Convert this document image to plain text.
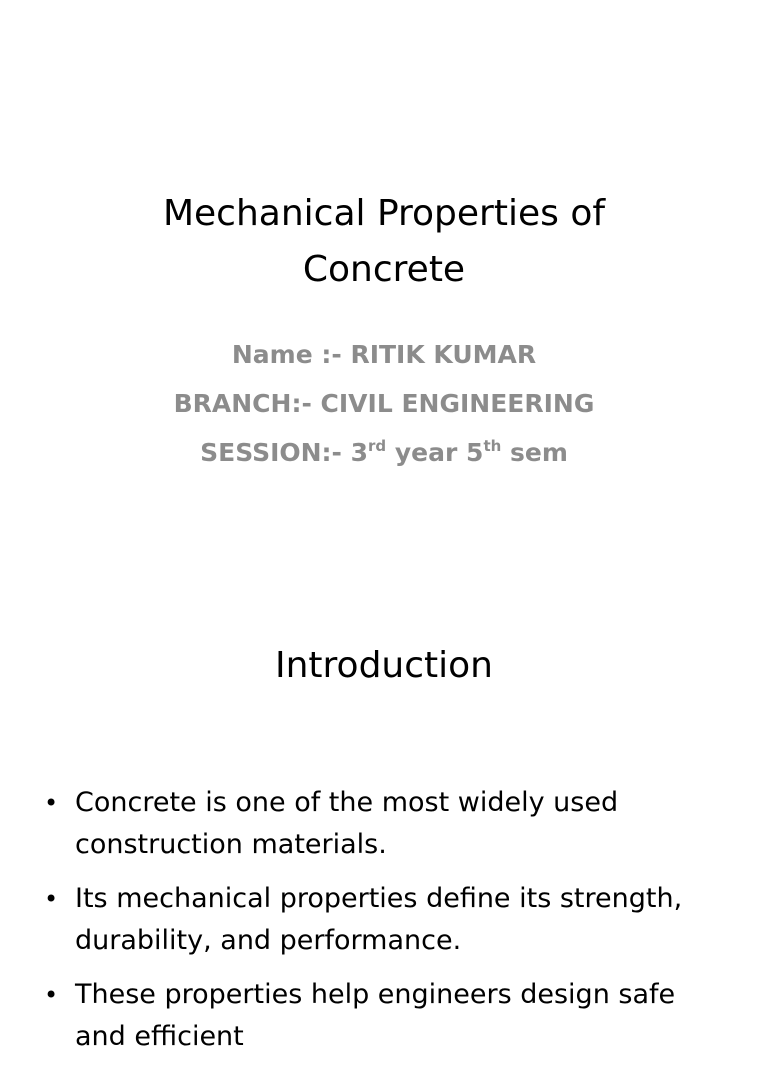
Mechanical Properties of
Concrete
Name :- RITIK KUMAR
BRANCH:- CIVIL ENGINEERING
SESSION:- 3rd year 5th sem
Introduction
• Concrete is one of the most widely used construction materials.
• Its mechanical properties define its strength, durability, and performance.
• These properties help engineers design safe and efficient
